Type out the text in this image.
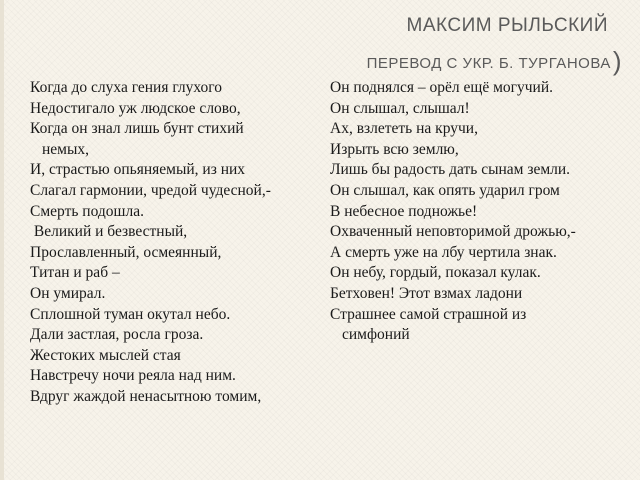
МАКСИМ РЫЛЬСКИЙ
ПЕРЕВОД С УКР. Б. ТУРГАНОВА)
Когда до слуха гения глухого
Недостигало уж людское слово,
Когда он знал лишь бунт стихий
немых,
И, страстью опьяняемый, из них
Слагал гармонии, чредой чудесной,-
Смерть подошла.
Великий и безвестный,
Прославленный, осмеянный,
Титан и раб –
Он умирал.
Сплошной туман окутал небо.
Дали застлая, росла гроза.
Жестоких мыслей стая
Навстречу ночи реяла над ним.
Вдруг жаждой ненасытною томим,
Он поднялся – орёл ещё могучий.
Он слышал, слышал!
Ах, взлететь на кручи,
Изрыть всю землю,
Лишь бы радость дать сынам земли.
Он слышал, как опять ударил гром
В небесное подножье!
Охваченный неповторимой дрожью,-
А смерть уже на лбу чертила знак.
Он небу, гордый, показал кулак.
Бетховен! Этот взмах ладони
Страшнее самой страшной из
симфоний
